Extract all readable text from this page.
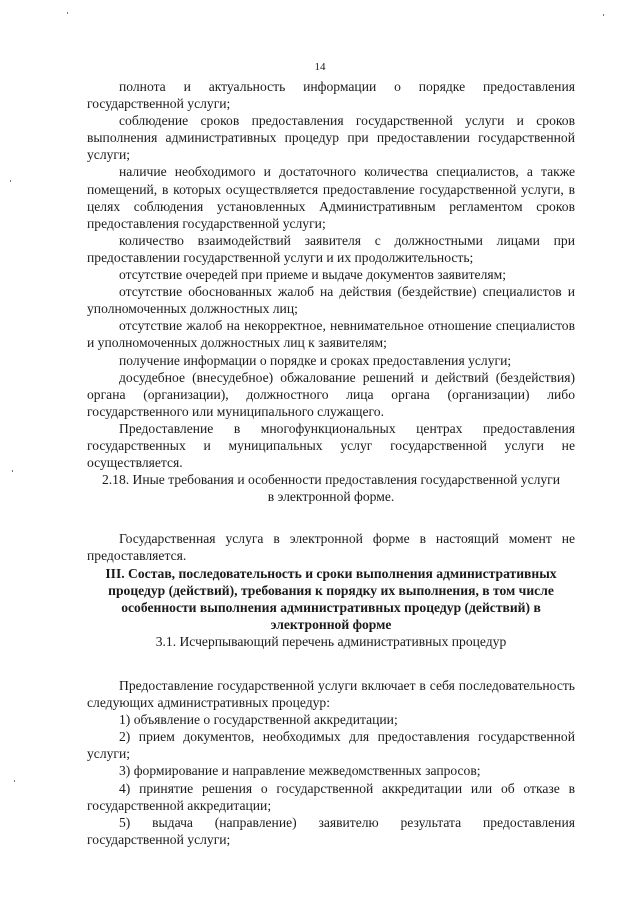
14

полнота и актуальность информации о порядке предоставления государственной услуги;

соблюдение сроков предоставления государственной услуги и сроков выполнения административных процедур при предоставлении государственной услуги;

наличие необходимого и достаточного количества специалистов, а также помещений, в которых осуществляется предоставление государственной услуги, в целях соблюдения установленных Административным регламентом сроков предоставления государственной услуги;

количество взаимодействий заявителя с должностными лицами при предоставлении государственной услуги и их продолжительность;

отсутствие очередей при приеме и выдаче документов заявителям;

отсутствие обоснованных жалоб на действия (бездействие) специалистов и уполномоченных должностных лиц;

отсутствие жалоб на некорректное, невнимательное отношение специалистов и уполномоченных должностных лиц к заявителям;

получение информации о порядке и сроках предоставления услуги;

досудебное (внесудебное) обжалование решений и действий (бездействия) органа (организации), должностного лица органа (организации) либо государственного или муниципального служащего.

Предоставление в многофункциональных центрах предоставления государственных и муниципальных услуг государственной услуги не осуществляется.

2.18. Иные требования и особенности предоставления государственной услуги
в электронной форме.

Государственная услуга в электронной форме в настоящий момент не предоставляется.

III. Состав, последовательность и сроки выполнения административных
процедур (действий), требования к порядку их выполнения, в том числе
особенности выполнения административных процедур (действий) в
электронной форме
3.1. Исчерпывающий перечень административных процедур

Предоставление государственной услуги включает в себя последовательность следующих административных процедур:

1) объявление о государственной аккредитации;

2) прием документов, необходимых для предоставления государственной услуги;

3) формирование и направление межведомственных запросов;

4) принятие решения о государственной аккредитации или об отказе в государственной аккредитации;

5) выдача (направление) заявителю результата предоставления государственной услуги;
